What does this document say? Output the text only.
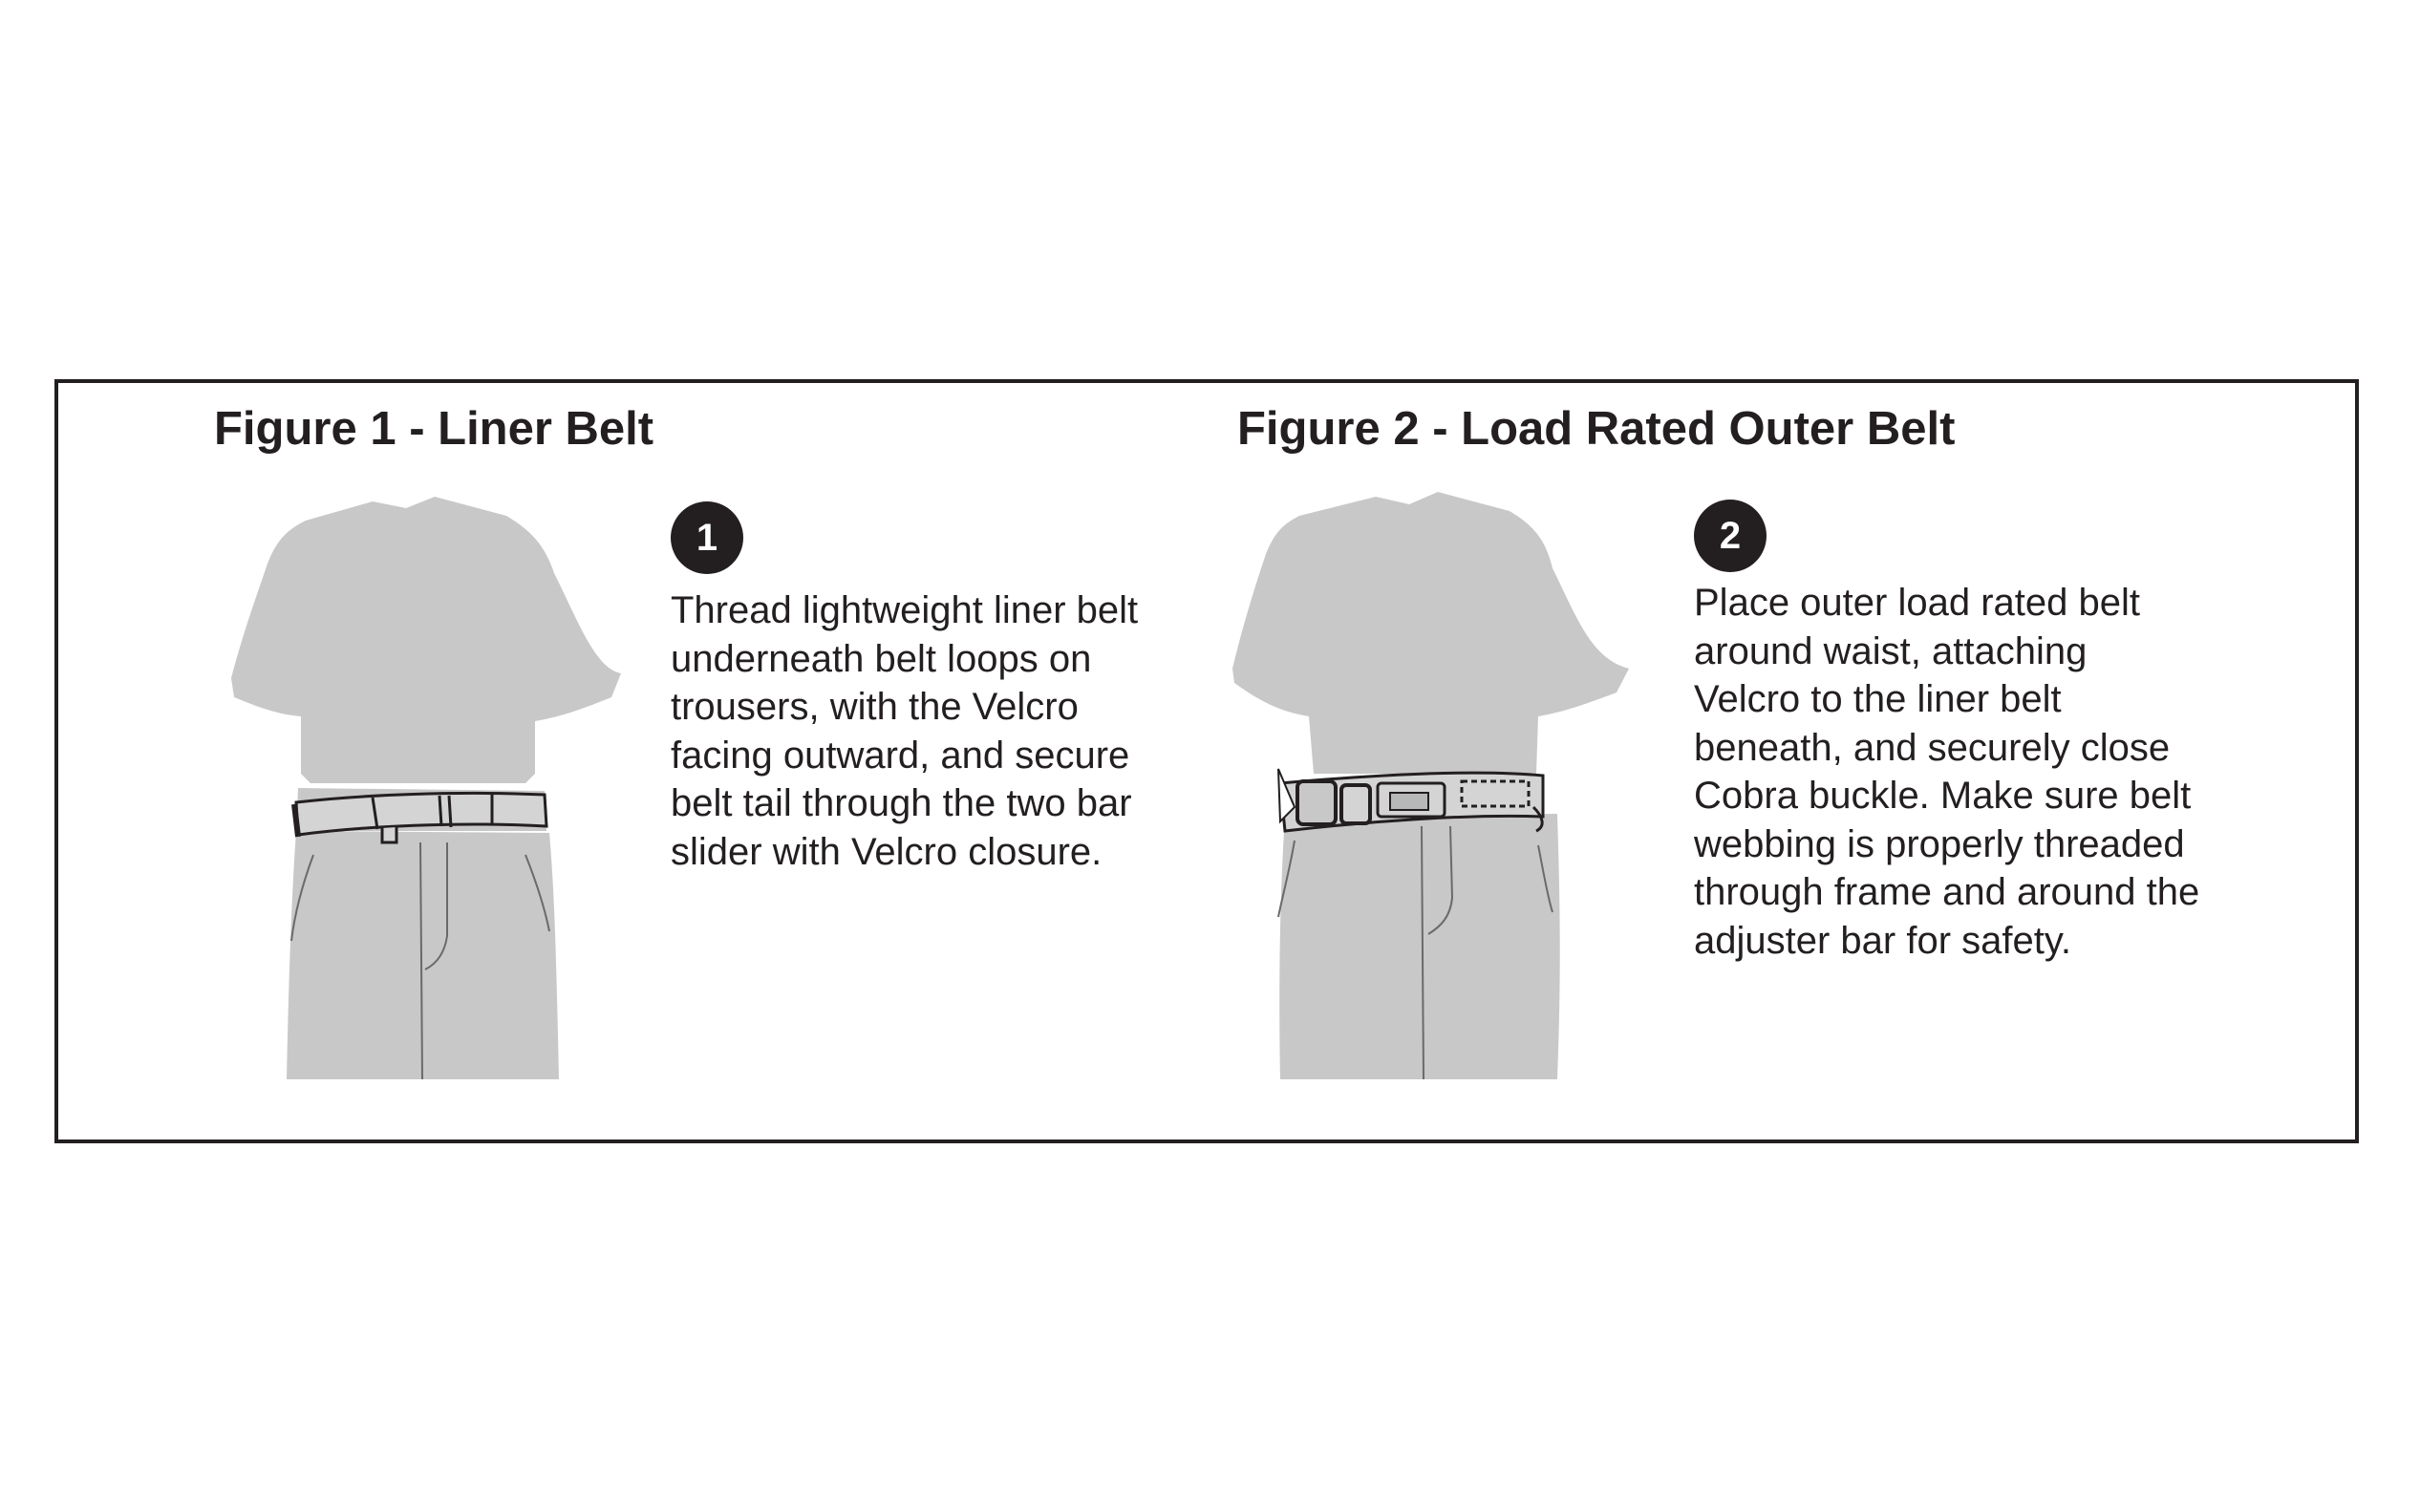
Figure 1 - Liner Belt
1
Thread lightweight liner belt
underneath belt loops on
trousers, with the Velcro
facing outward, and secure
belt tail through the two bar
slider with Velcro closure.
Figure 2 - Load Rated Outer Belt
2
Place outer load rated belt
around waist, attaching
Velcro to the liner belt
beneath, and securely close
Cobra buckle. Make sure belt
webbing is properly threaded
through frame and around the
adjuster bar for safety.
